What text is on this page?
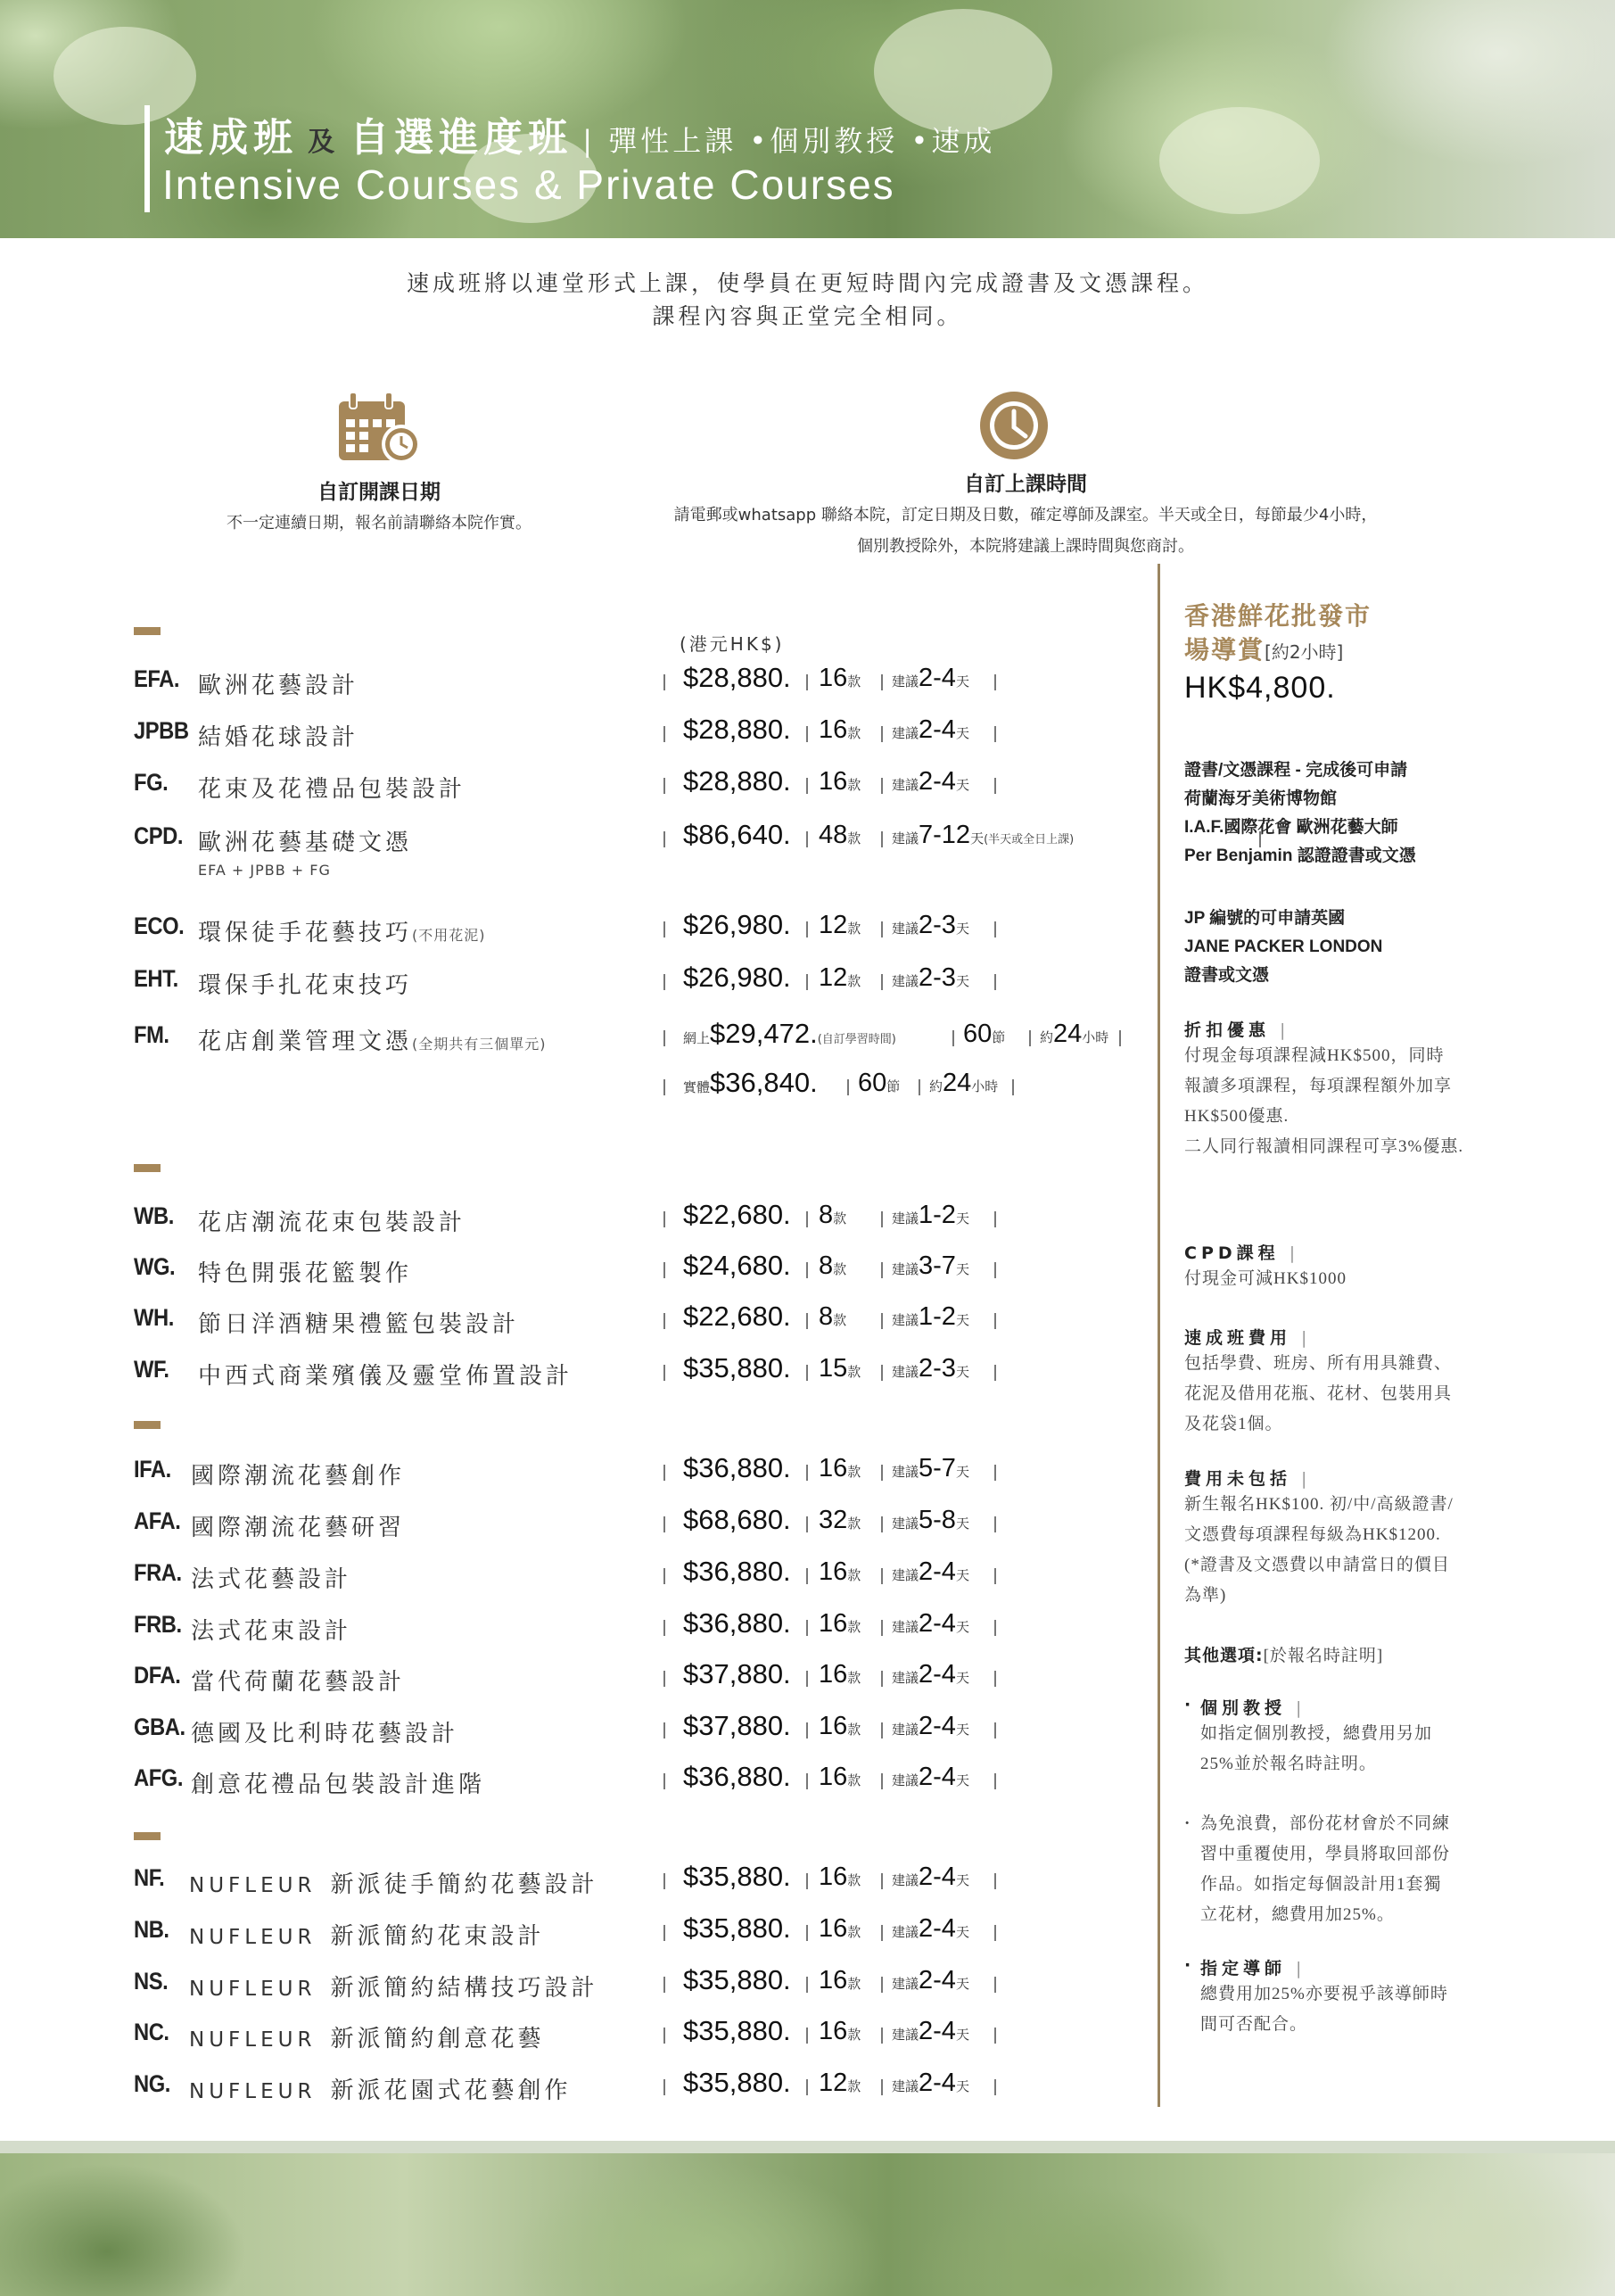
速成班 及 自選進度班 | 彈性上課 •個別教授 •速成
Intensive Courses & Private Courses
速成班將以連堂形式上課，使學員在更短時間內完成證書及文憑課程。
課程內容與正堂完全相同。
自訂開課日期
不一定連續日期，報名前請聯絡本院作實。
自訂上課時間
請電郵或whatsapp 聯絡本院，訂定日期及日數，確定導師及課室。半天或全日，每節最少4小時，
個別教授除外，本院將建議上課時間與您商討。
(港元HK$)
EFA. 歐洲花藝設計	$28,880. 16款 建議2-4天
JPBB 結婚花球設計	$28,880. 16款 建議2-4天
FG. 花束及花禮品包裝設計	$28,880. 16款 建議2-4天
CPD. 歐洲花藝基礎文憑
EFA + JPBB + FG
$86,640. 48款 建議7-12天(半天或全日上課)
ECO. 環保徒手花藝技巧(不用花泥)	$26,980. 12款 建議2-3天
EHT. 環保手扎花束技巧	$26,980. 12款 建議2-3天
FM. 花店創業管理文憑(全期共有三個單元)	網上$29,472.(自訂學習時間)	60節	約24小時
實體$36,840. 60節 約24小時
WB. 花店潮流花束包裝設計	$22,680. 8款	建議1-2天
WG. 特色開張花籃製作	$24,680. 8款	建議3-7天
WH. 節日洋酒糖果禮籃包裝設計	$22,680. 8款	建議1-2天
WF. 中西式商業殯儀及靈堂佈置設計	$35,880. 15款 建議2-3天
IFA. 國際潮流花藝創作	$36,880. 16款 建議5-7天
AFA. 國際潮流花藝研習	$68,680. 32款 建議5-8天
FRA. 法式花藝設計	$36,880. 16款 建議2-4天
FRB. 法式花束設計	$36,880. 16款 建議2-4天
DFA. 當代荷蘭花藝設計	$37,880. 16款 建議2-4天
GBA. 德國及比利時花藝設計	$37,880. 16款 建議2-4天
AFG. 創意花禮品包裝設計進階	$36,880. 16款 建議2-4天
NF. NUFLEUR 新派徒手簡約花藝設計	$35,880. 16款 建議2-4天
NB. NUFLEUR 新派簡約花束設計	$35,880. 16款 建議2-4天
NS. NUFLEUR 新派簡約結構技巧設計	$35,880. 16款 建議2-4天
NC. NUFLEUR 新派簡約創意花藝	$35,880. 16款 建議2-4天
NG. NUFLEUR 新派花園式花藝創作	$35,880. 12款 建議2-4天
香港鮮花批發市
場導賞[約2小時]
HK$4,800.
證書/文憑課程 - 完成後可申請
荷蘭海牙美術博物館
I.A.F.國際花會 歐洲花藝大師
Per Benjamin 認證證書或文憑
JP 編號的可申請英國
JANE PACKER LONDON
證書或文憑
折扣優惠 |
付現金每項課程減HK$500，同時
報讀多項課程，每項課程額外加享
HK$500優惠.
二人同行報讀相同課程可享3%優惠.
CPD課程 |
付現金可減HK$1000
速成班費用 |
包括學費、班房、所有用具雜費、
花泥及借用花瓶、花材、包裝用具
及花袋1個。
費用未包括 |
新生報名HK$100. 初/中/高級證書/
文憑費每項課程每級為HK$1200.
(*證書及文憑費以申請當日的價目
為準)
其他選項:[於報名時註明]
· 個別教授 |
如指定個別教授，總費用另加
25%並於報名時註明。
· 為免浪費，部份花材會於不同練
習中重覆使用，學員將取回部份
作品。如指定每個設計用1套獨
立花材，總費用加25%。
· 指定導師 |
總費用加25%亦要視乎該導師時
間可否配合。
